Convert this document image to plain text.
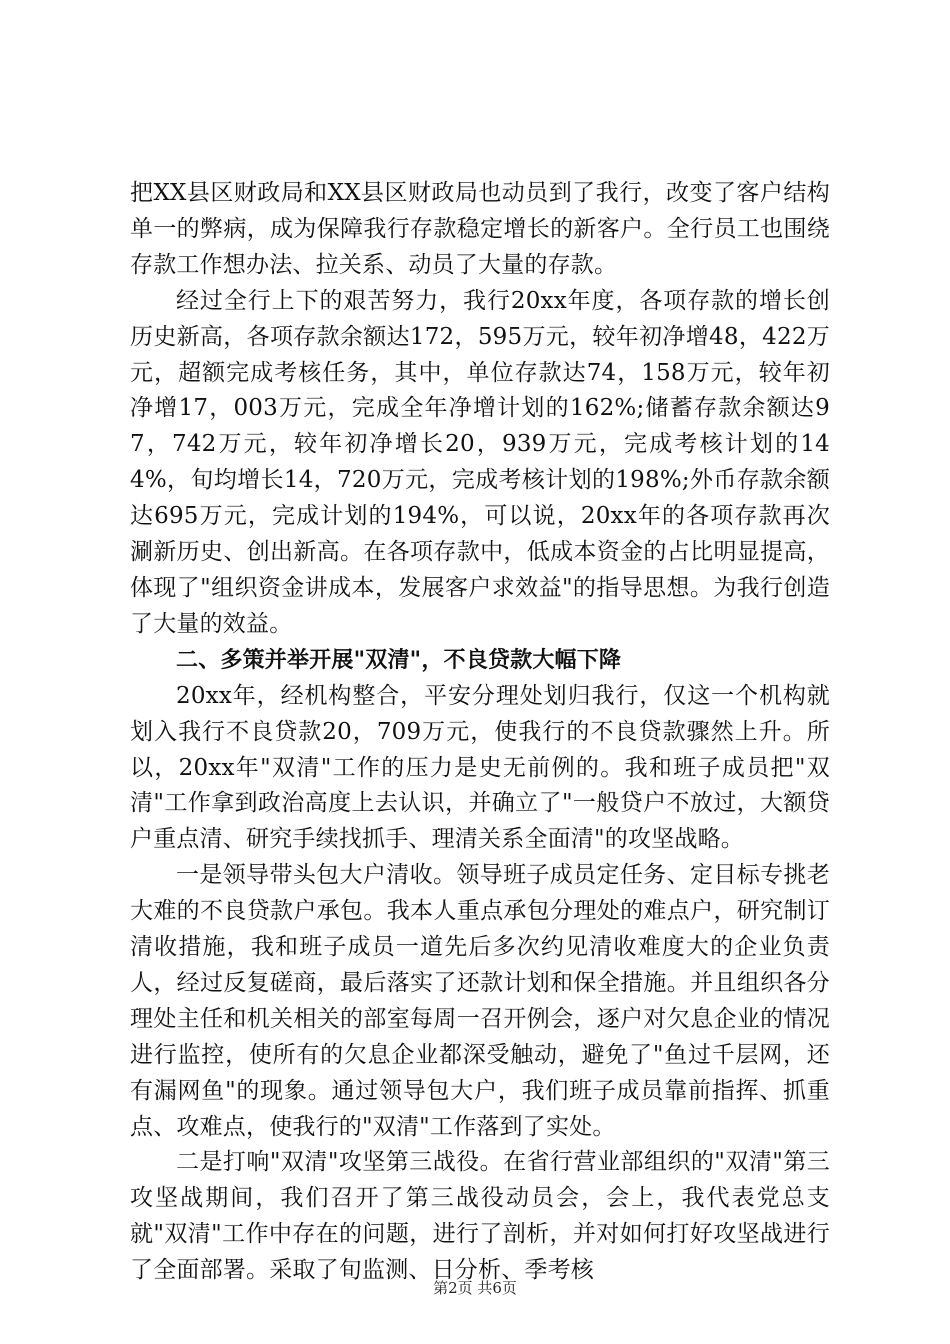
把XX县区财政局和XX县区财政局也动员到了我行，改变了客户结构单一的弊病，成为保障我行存款稳定增长的新客户。全行员工也围绕存款工作想办法、拉关系、动员了大量的存款。

经过全行上下的艰苦努力，我行20xx年度，各项存款的增长创历史新高，各项存款余额达172，595万元，较年初净增48，422万元，超额完成考核任务，其中，单位存款达74，158万元，较年初净增17，003万元，完成全年净增计划的162%;储蓄存款余额达97，742万元，较年初净增长20，939万元，完成考核计划的144%，旬均增长14，720万元，完成考核计划的198%;外币存款余额达695万元，完成计划的194%，可以说，20xx年的各项存款再次涮新历史、创出新高。在各项存款中，低成本资金的占比明显提高，体现了"组织资金讲成本，发展客户求效益"的指导思想。为我行创造了大量的效益。

二、多策并举开展"双清"，不良贷款大幅下降

20xx年，经机构整合，平安分理处划归我行，仅这一个机构就划入我行不良贷款20，709万元，使我行的不良贷款骤然上升。所以，20xx年"双清"工作的压力是史无前例的。我和班子成员把"双清"工作拿到政治高度上去认识，并确立了"一般贷户不放过，大额贷户重点清、研究手续找抓手、理清关系全面清"的攻坚战略。

一是领导带头包大户清收。领导班子成员定任务、定目标专挑老大难的不良贷款户承包。我本人重点承包分理处的难点户，研究制订清收措施，我和班子成员一道先后多次约见清收难度大的企业负责人，经过反复磋商，最后落实了还款计划和保全措施。并且组织各分理处主任和机关相关的部室每周一召开例会，逐户对欠息企业的情况进行监控，使所有的欠息企业都深受触动，避免了"鱼过千层网，还有漏网鱼"的现象。通过领导包大户，我们班子成员靠前指挥、抓重点、攻难点，使我行的"双清"工作落到了实处。

二是打响"双清"攻坚第三战役。在省行营业部组织的"双清"第三攻坚战期间，我们召开了第三战役动员会，会上，我代表党总支就"双清"工作中存在的问题，进行了剖析，并对如何打好攻坚战进行了全面部署。采取了旬监测、日分析、季考核

第2页 共6页
